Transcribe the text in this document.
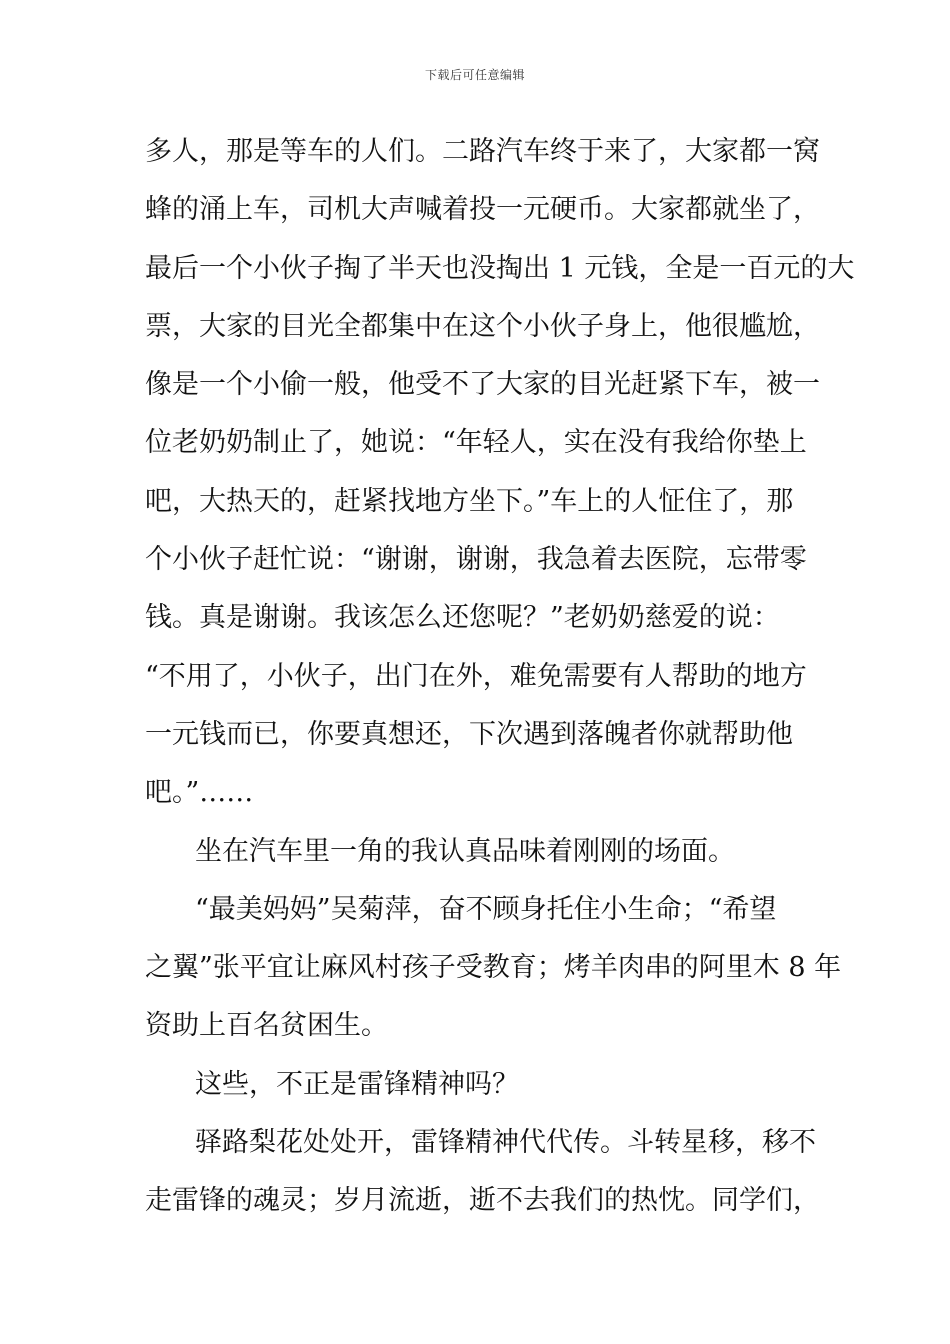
下载后可任意编辑
多人，那是等车的人们。二路汽车终于来了，大家都一窝
蜂的涌上车，司机大声喊着投一元硬币。大家都就坐了，
最后一个小伙子掏了半天也没掏出 1 元钱，全是一百元的大
票，大家的目光全都集中在这个小伙子身上，他很尴尬，
像是一个小偷一般，他受不了大家的目光赶紧下车，被一
位老奶奶制止了，她说：“年轻人，实在没有我给你垫上
吧，大热天的，赶紧找地方坐下。”车上的人怔住了，那
个小伙子赶忙说：“谢谢，谢谢，我急着去医院，忘带零
钱。真是谢谢。我该怎么还您呢？”老奶奶慈爱的说：
“不用了，小伙子，出门在外，难免需要有人帮助的地方
一元钱而已，你要真想还，下次遇到落魄者你就帮助他
吧。”……
坐在汽车里一角的我认真品味着刚刚的场面。
“最美妈妈”吴菊萍，奋不顾身托住小生命；“希望
之翼”张平宜让麻风村孩子受教育；烤羊肉串的阿里木 8 年
资助上百名贫困生。
这些，不正是雷锋精神吗？
驿路梨花处处开，雷锋精神代代传。斗转星移，移不
走雷锋的魂灵；岁月流逝，逝不去我们的热忱。同学们，
